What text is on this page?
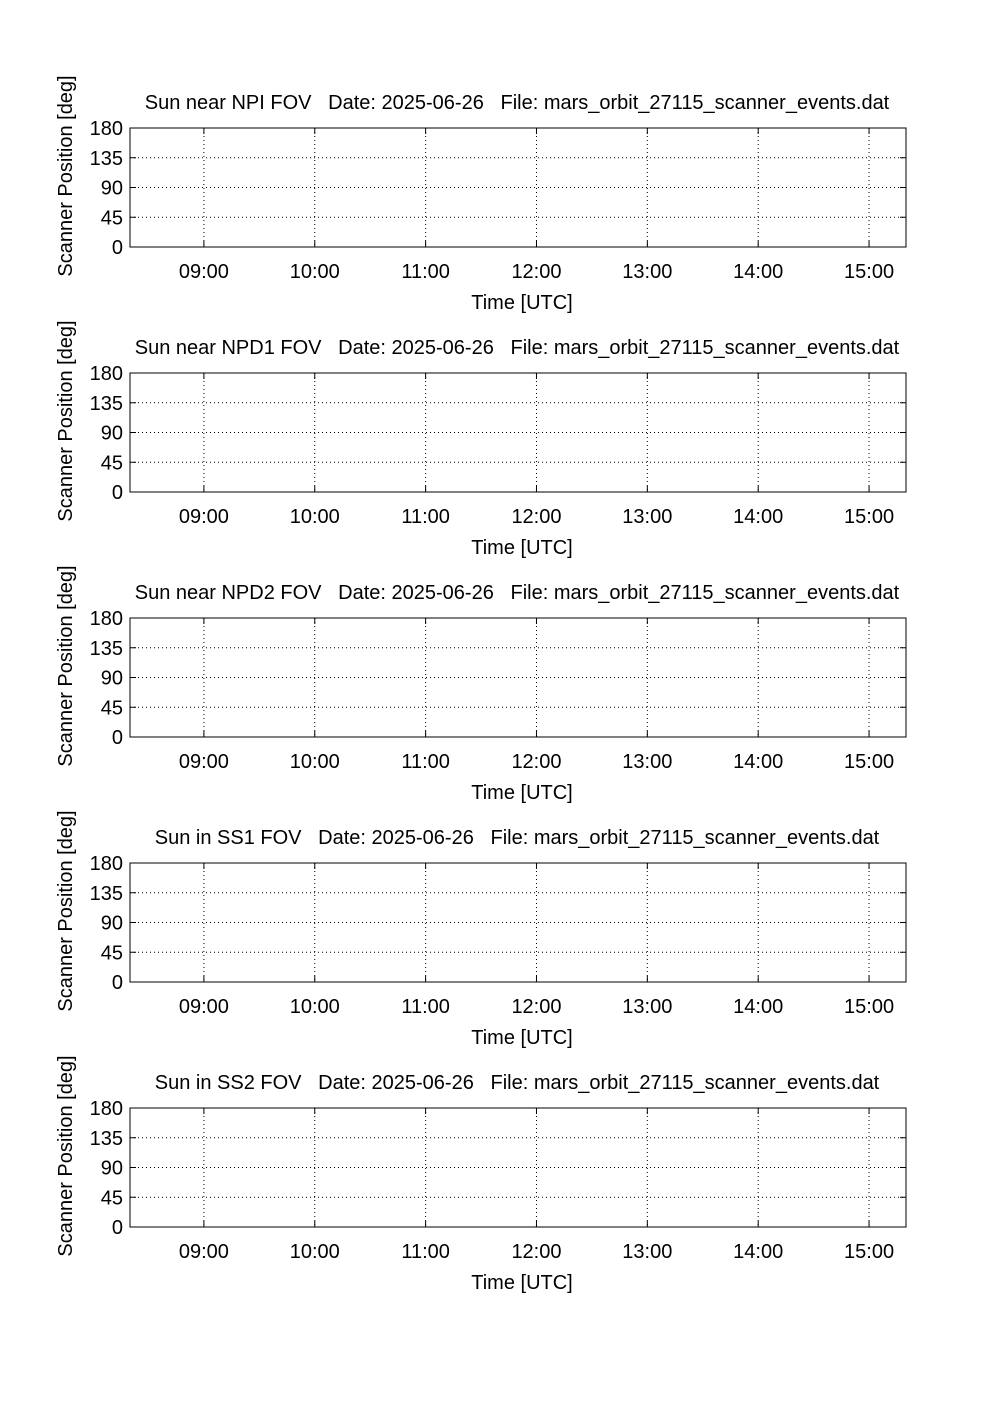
Sun near NPI FOV   Date: 2025-06-26   File: mars_orbit_27115_scanner_events.dat
0
45
90
135
180
09:00	10:00	11:00	12:00	13:00	14:00	15:00
Time [UTC]
Scanner Position [deg]
Sun near NPD1 FOV   Date: 2025-06-26   File: mars_orbit_27115_scanner_events.dat
0
45
90
135
180
09:00	10:00	11:00	12:00	13:00	14:00	15:00
Time [UTC]
Scanner Position [deg]
Sun near NPD2 FOV   Date: 2025-06-26   File: mars_orbit_27115_scanner_events.dat
0
45
90
135
180
09:00	10:00	11:00	12:00	13:00	14:00	15:00
Time [UTC]
Scanner Position [deg]
Sun in SS1 FOV   Date: 2025-06-26   File: mars_orbit_27115_scanner_events.dat
0
45
90
135
180
09:00	10:00	11:00	12:00	13:00	14:00	15:00
Time [UTC]
Scanner Position [deg]
Sun in SS2 FOV   Date: 2025-06-26   File: mars_orbit_27115_scanner_events.dat
0
45
90
135
180
09:00	10:00	11:00	12:00	13:00	14:00	15:00
Time [UTC]
Scanner Position [deg]
